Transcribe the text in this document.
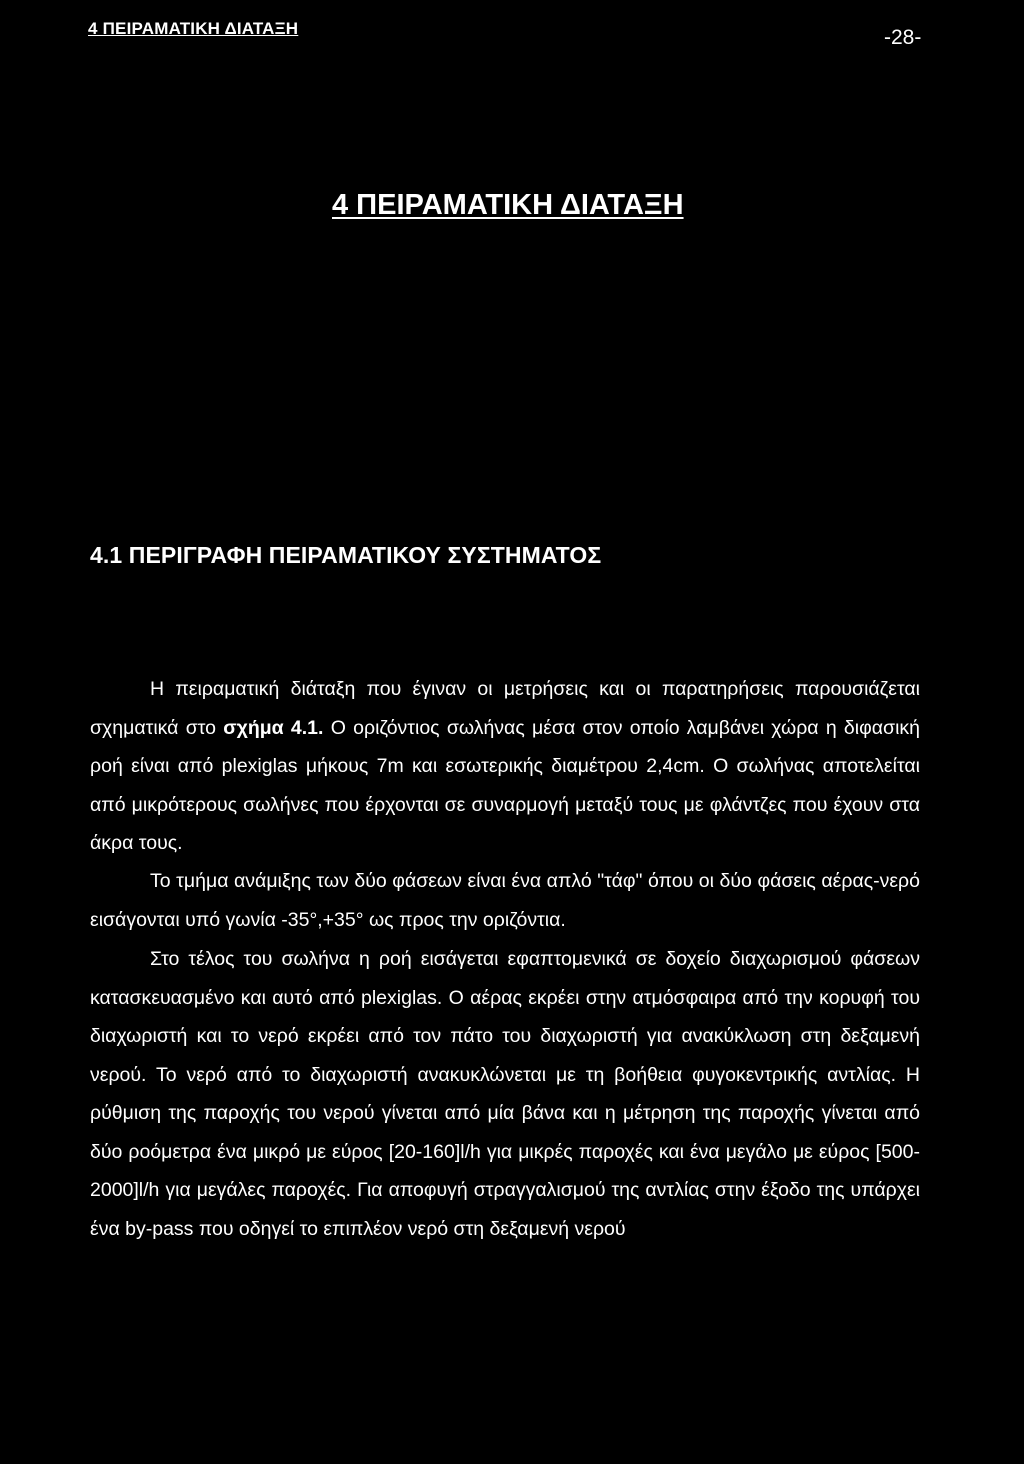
4 ΠΕΙΡΑΜΑΤΙΚΗ ΔΙΑΤΑΞΗ	-28-
4 ΠΕΙΡΑΜΑΤΙΚΗ ΔΙΑΤΑΞΗ
4.1 ΠΕΡΙΓΡΑΦΗ ΠΕΙΡΑΜΑΤΙΚΟΥ ΣΥΣΤΗΜΑΤΟΣ

Η πειραματική διάταξη που έγιναν οι μετρήσεις και οι παρατηρήσεις παρουσιάζεται σχηματικά στο σχήμα 4.1. Ο οριζόντιος σωλήνας μέσα στον οποίο λαμβάνει χώρα η διφασική ροή είναι από plexiglas μήκους 7m και εσωτερικής διαμέτρου 2,4cm. Ο σωλήνας αποτελείται από μικρότερους σωλήνες που έρχονται σε συναρμογή μεταξύ τους με φλάντζες που έχουν στα άκρα τους.

Το τμήμα ανάμιξης των δύο φάσεων είναι ένα απλό "τάφ" όπου οι δύο φάσεις αέρας-νερό εισάγονται υπό γωνία -35°,+35° ως προς την οριζόντια.

Στο τέλος του σωλήνα η ροή εισάγεται εφαπτομενικά σε δοχείο διαχωρισμού φάσεων κατασκευασμένο και αυτό από plexiglas. Ο αέρας εκρέει στην ατμόσφαιρα από την κορυφή του διαχωριστή και το νερό εκρέει από τον πάτο του διαχωριστή για ανακύκλωση στη δεξαμενή νερού. Το νερό από το διαχωριστή ανακυκλώνεται με τη βοήθεια φυγοκεντρικής αντλίας. Η ρύθμιση της παροχής του νερού γίνεται από μία βάνα και η μέτρηση της παροχής γίνεται από δύο ροόμετρα ένα μικρό με εύρος [20-160]l/h για μικρές παροχές και ένα μεγάλο με εύρος [500-2000]l/h για μεγάλες παροχές. Για αποφυγή στραγγαλισμού της αντλίας στην έξοδο της υπάρχει ένα by-pass που οδηγεί το επιπλέον νερό στη δεξαμενή νερού
